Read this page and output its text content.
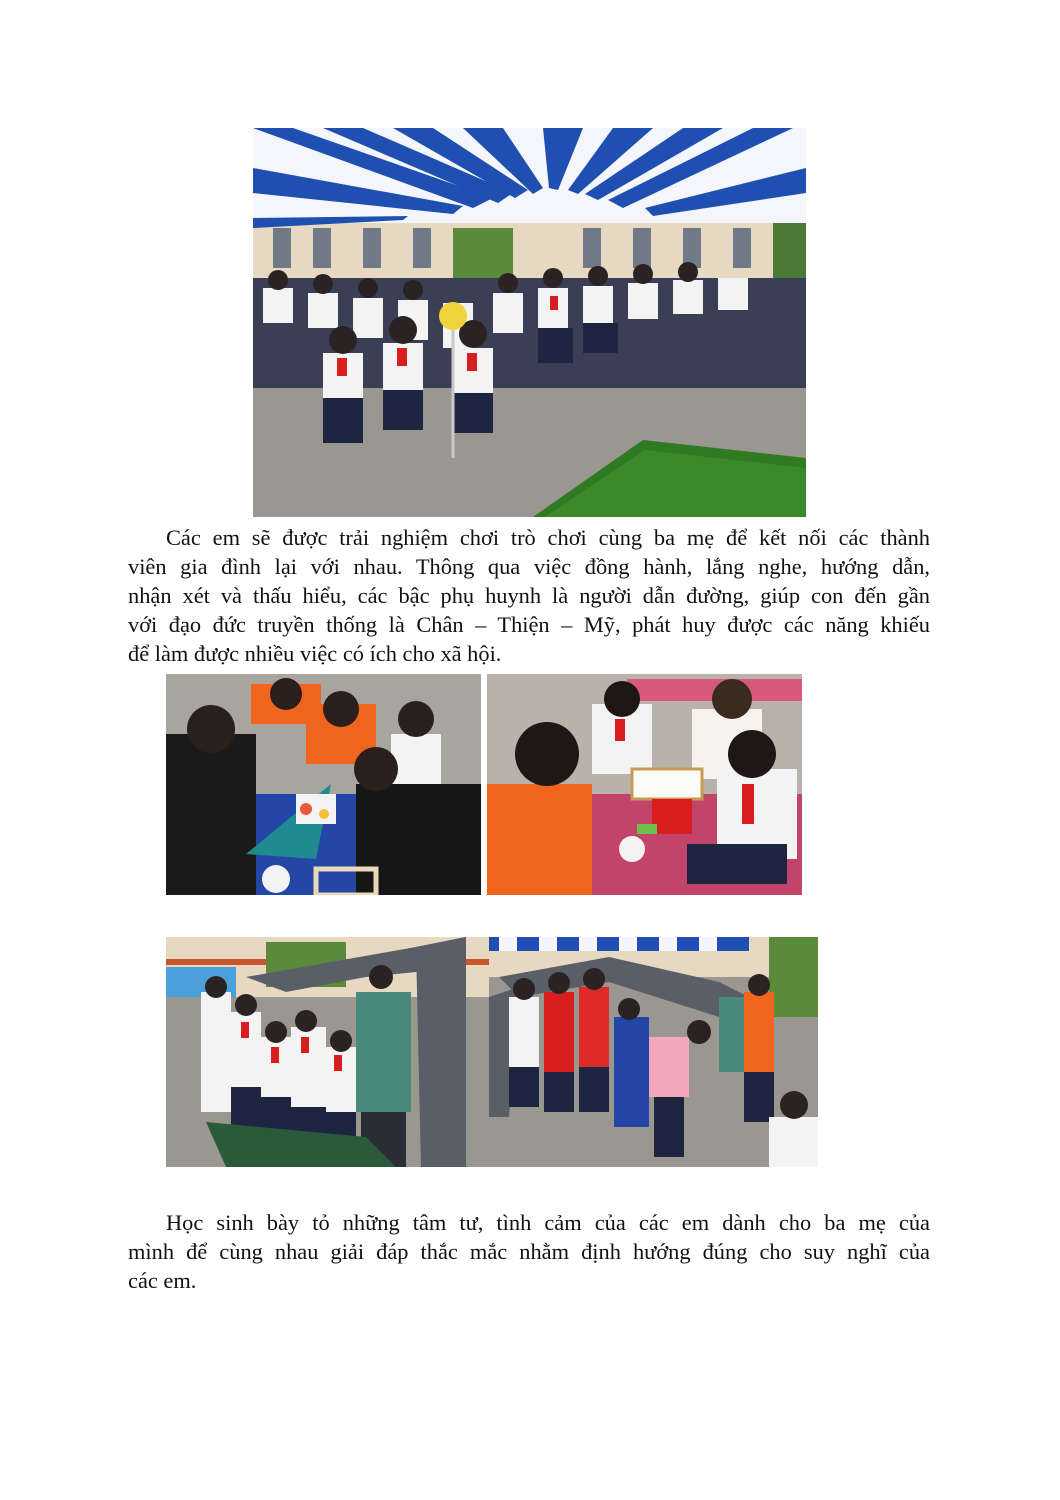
Các em sẽ được trải nghiệm chơi trò chơi cùng ba mẹ để kết nối các thành
viên gia đình lại với nhau. Thông qua việc đồng hành, lắng nghe, hướng dẫn,
nhận xét và thấu hiểu, các bậc phụ huynh là người dẫn đường, giúp con đến gần
với đạo đức truyền thống là Chân – Thiện – Mỹ, phát huy được các năng khiếu
để làm được nhiều việc có ích cho xã hội.

Học sinh bày tỏ những tâm tư, tình cảm của các em dành cho ba mẹ của
mình để cùng nhau giải đáp thắc mắc nhằm định hướng đúng cho suy nghĩ của
các em.
